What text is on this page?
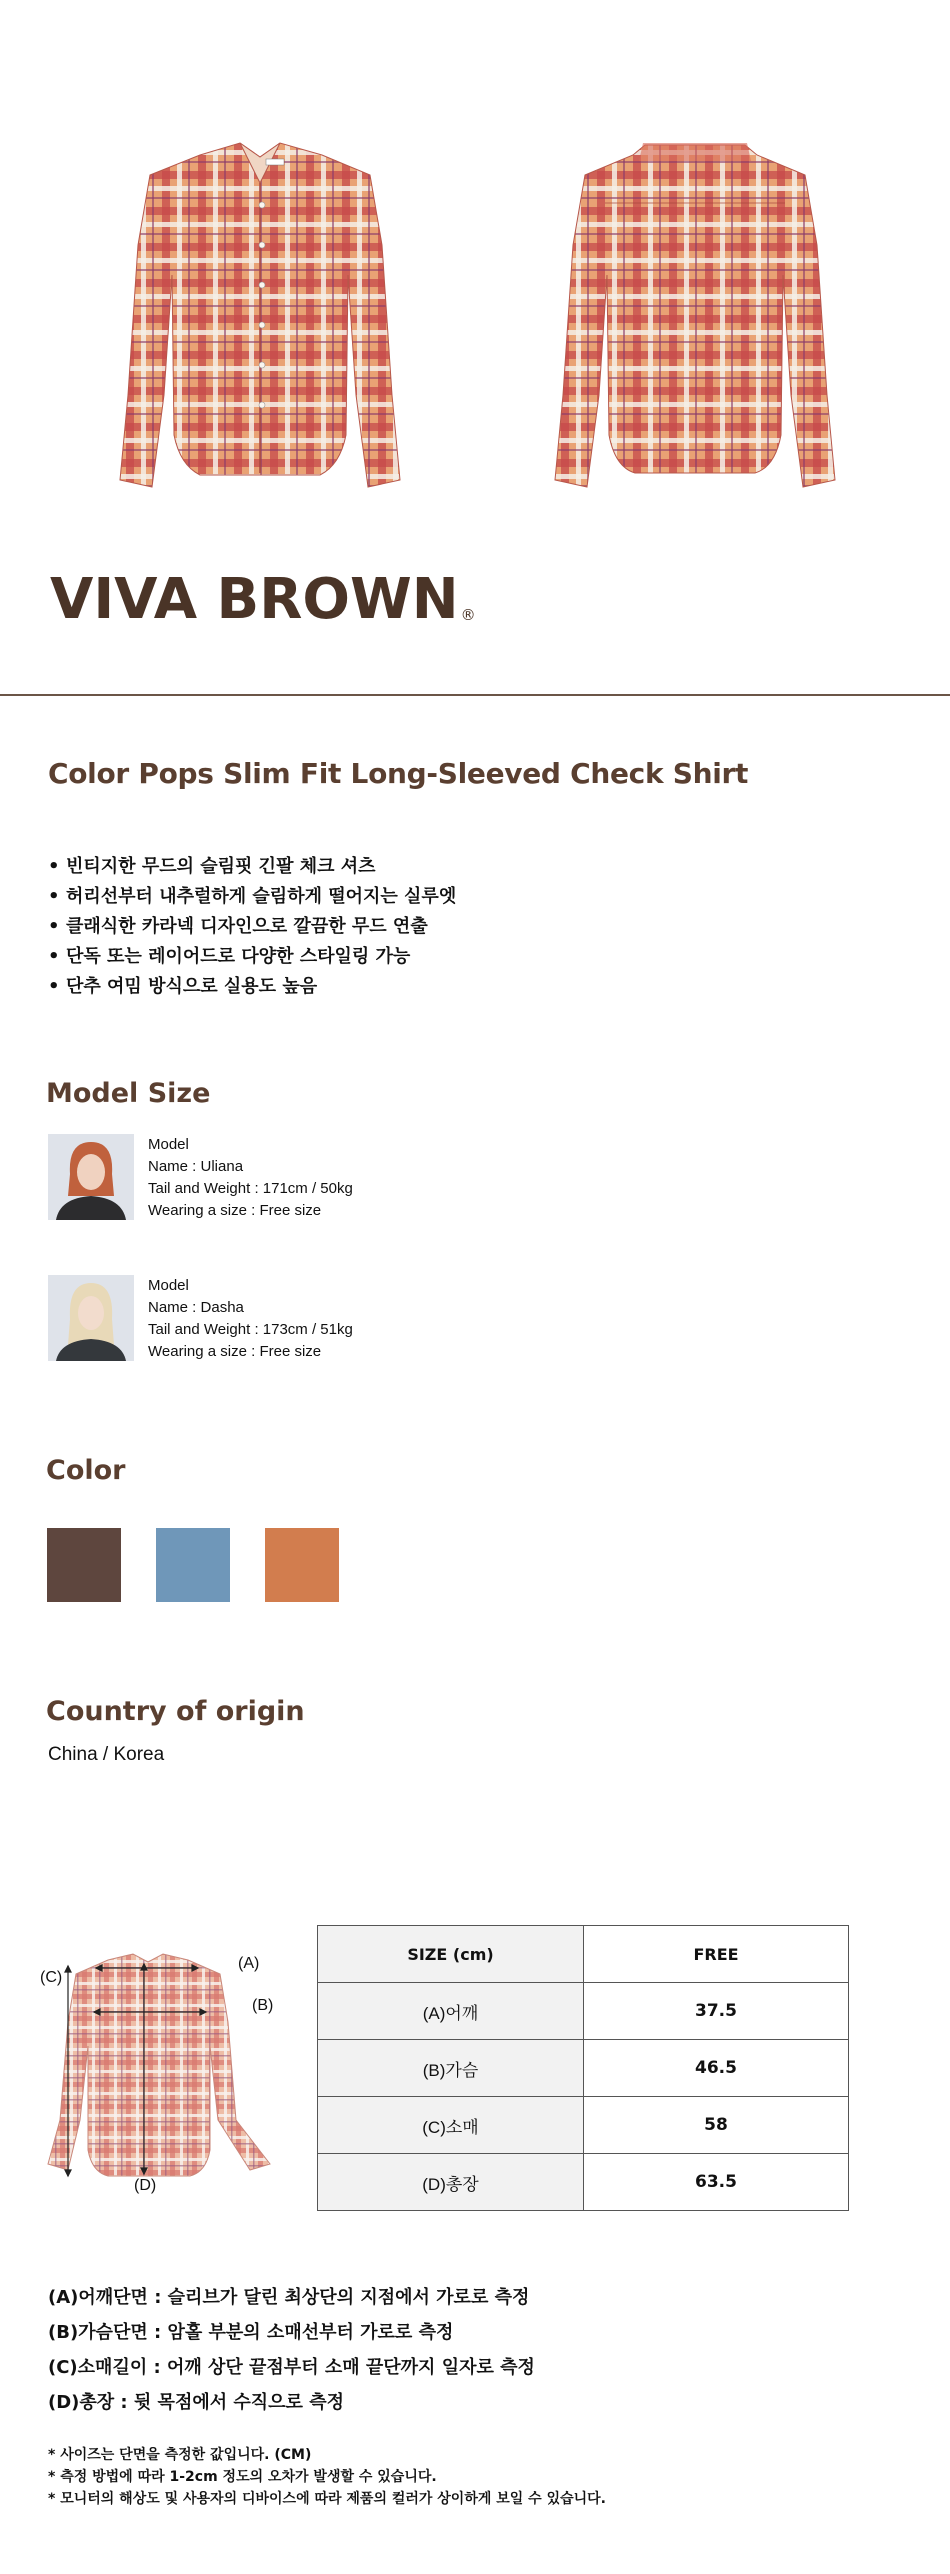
VIVA BROWN ®
Color Pops Slim Fit Long-Sleeved Check Shirt
• 빈티지한 무드의 슬림핏 긴팔 체크 셔츠
• 허리선부터 내추럴하게 슬림하게 떨어지는 실루엣
• 클래식한 카라넥 디자인으로 깔끔한 무드 연출
• 단독 또는 레이어드로 다양한 스타일링 가능
• 단추 여밈 방식으로 실용도 높음
Model Size
Model
Name : Uliana
Tail and Weight : 171cm / 50kg
Wearing a size : Free size
Model
Name : Dasha
Tail and Weight : 173cm / 51kg
Wearing a size : Free size
Color
Country of origin
China / Korea
(A)
(B)
(C)
(D)
SIZE (cm)	FREE
(A)어깨	37.5
(B)가슴	46.5
(C)소매	58
(D)총장	63.5
(A)어깨단면 : 슬리브가 달린 최상단의 지점에서 가로로 측정
(B)가슴단면 : 암홀 부분의 소매선부터 가로로 측정
(C)소매길이 : 어깨 상단 끝점부터 소매 끝단까지 일자로 측정
(D)총장 : 뒷 목점에서 수직으로 측정
* 사이즈는 단면을 측정한 값입니다. (CM)
* 측정 방법에 따라 1-2cm 정도의 오차가 발생할 수 있습니다.
* 모니터의 해상도 및 사용자의 디바이스에 따라 제품의 컬러가 상이하게 보일 수 있습니다.
